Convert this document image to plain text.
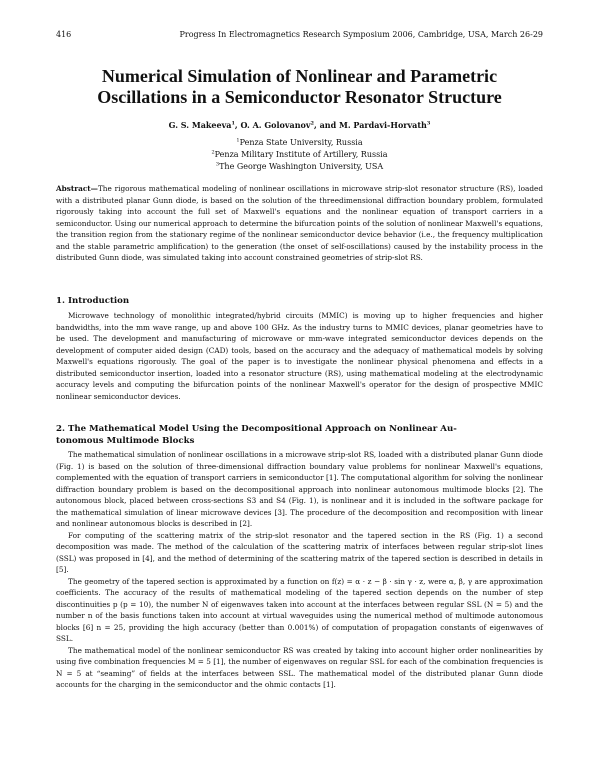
416	Progress In Electromagnetics Research Symposium 2006, Cambridge, USA, March 26-29
Numerical Simulation of Nonlinear and Parametric
Oscillations in a Semiconductor Resonator Structure
G. S. Makeeva$^1$, O. A. Golovanov$^2$, and M. Pardavi-Horvath$^3$
$^1$Penza State University, Russia
$^2$Penza Military Institute of Artillery, Russia
$^3$The George Washington University, USA
Abstract—The rigorous mathematical modeling of nonlinear oscillations in microwave strip-slot resonator structure (RS), loaded with a distributed planar Gunn diode, is based on the solution of the threedimensional diffraction boundary problem, formulated rigorously taking into account the full set of Maxwell's equations and the nonlinear equation of transport carriers in a semiconductor. Using our numerical approach to determine the bifurcation points of the solution of nonlinear Maxwell's equations, the transition region from the stationary regime of the nonlinear semiconductor device behavior (i.e., the frequency multiplication and the stable parametric amplification) to the generation (the onset of self-oscillations) caused by the instability process in the distributed Gunn diode, was simulated taking into account constrained geometries of strip-slot RS.
1. Introduction

Microwave technology of monolithic integrated/hybrid circuits (MMIC) is moving up to higher frequencies and higher bandwidths, into the mm wave range, up and above 100 GHz. As the industry turns to MMIC devices, planar geometries have to be used. The development and manufacturing of microwave or mm-wave integrated semiconductor devices depends on the development of computer aided design (CAD) tools, based on the accuracy and the adequacy of mathematical models by solving Maxwell's equations rigorously. The goal of the paper is to investigate the nonlinear physical phenomena and effects in a distributed semiconductor insertion, loaded into a resonator structure (RS), using mathematical modeling at the electrodynamic accuracy levels and computing the bifurcation points of the nonlinear Maxwell's operator for the design of prospective MMIC nonlinear semiconductor devices.

2. The Mathematical Model Using the Decompositional Approach on Nonlinear Au-
tonomous Multimode Blocks

The mathematical simulation of nonlinear oscillations in a microwave strip-slot RS, loaded with a distributed planar Gunn diode (Fig. 1) is based on the solution of three-dimensional diffraction boundary value problems for nonlinear Maxwell's equations, complemented with the equation of transport carriers in semiconductor [1]. The computational algorithm for solving the nonlinear diffraction boundary problem is based on the decompositional approach into nonlinear autonomous multimode blocks [2]. The autonomous block, placed between cross-sections S3 and S4 (Fig. 1), is nonlinear and it is included in the software package for the mathematical simulation of linear microwave devices [3]. The procedure of the decomposition and recomposition with linear and nonlinear autonomous blocks is described in [2].

For computing of the scattering matrix of the strip-slot resonator and the tapered section in the RS (Fig. 1) a second decomposition was made. The method of the calculation of the scattering matrix of interfaces between regular strip-slot lines (SSL) was proposed in [4], and the method of determining of the scattering matrix of the tapered section is described in details in [5].

The geometry of the tapered section is approximated by a function on f(z) = α · z − β · sin γ · z, were α, β, γ are approximation coefficients. The accuracy of the results of mathematical modeling of the tapered section depends on the number of step discontinuities p (p = 10), the number N of eigenwaves taken into account at the interfaces between regular SSL (N = 5) and the number n of the basis functions taken into account at virtual waveguides using the numerical method of multimode autonomous blocks [6] n = 25, providing the high accuracy (better than 0.001%) of computation of propagation constants of eigenwaves of SSL.

The mathematical model of the nonlinear semiconductor RS was created by taking into account higher order nonlinearities by using five combination frequencies M = 5 [1], the number of eigenwaves on regular SSL for each of the combination frequencies is N = 5 at “seaming” of fields at the interfaces between SSL. The mathematical model of the distributed planar Gunn diode accounts for the charging in the semiconductor and the ohmic contacts [1].
